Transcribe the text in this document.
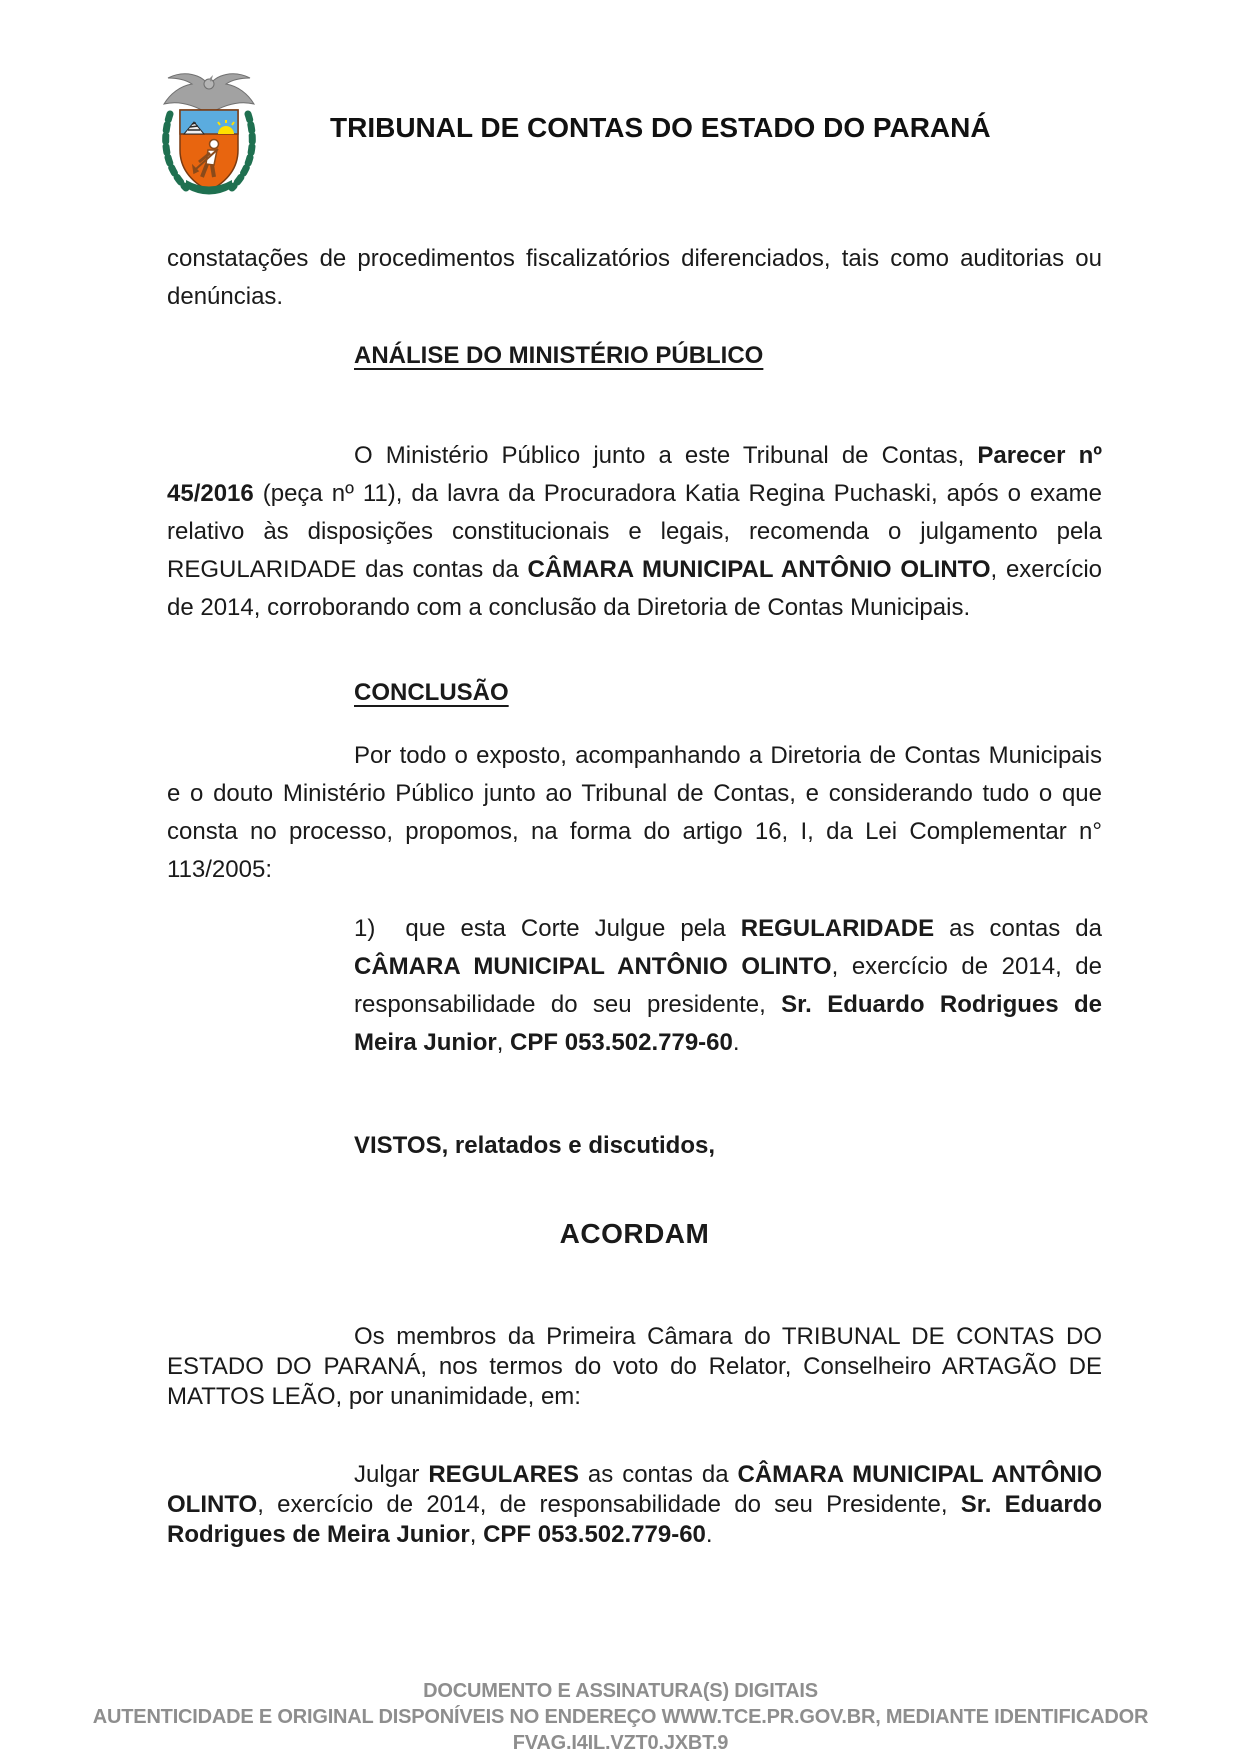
TRIBUNAL DE CONTAS DO ESTADO DO PARANÁ
constatações de procedimentos fiscalizatórios diferenciados, tais como auditorias ou denúncias.
ANÁLISE DO MINISTÉRIO PÚBLICO
O Ministério Público junto a este Tribunal de Contas, Parecer nº 45/2016 (peça nº 11), da lavra da Procuradora Katia Regina Puchaski, após o exame relativo às disposições constitucionais e legais, recomenda o julgamento pela REGULARIDADE das contas da CÂMARA MUNICIPAL ANTÔNIO OLINTO, exercício de 2014, corroborando com a conclusão da Diretoria de Contas Municipais.
CONCLUSÃO
Por todo o exposto, acompanhando a Diretoria de Contas Municipais e o douto Ministério Público junto ao Tribunal de Contas, e considerando tudo o que consta no processo, propomos, na forma do artigo 16, I, da Lei Complementar n° 113/2005:
1)  que esta Corte Julgue pela REGULARIDADE as contas da CÂMARA MUNICIPAL ANTÔNIO OLINTO, exercício de 2014, de responsabilidade do seu presidente, Sr. Eduardo Rodrigues de Meira Junior, CPF 053.502.779-60.
VISTOS, relatados e discutidos,
ACORDAM
Os membros da Primeira Câmara do TRIBUNAL DE CONTAS DO ESTADO DO PARANÁ, nos termos do voto do Relator, Conselheiro ARTAGÃO DE MATTOS LEÃO, por unanimidade, em:
Julgar REGULARES as contas da CÂMARA MUNICIPAL ANTÔNIO OLINTO, exercício de 2014, de responsabilidade do seu Presidente, Sr. Eduardo Rodrigues de Meira Junior, CPF 053.502.779-60.
DOCUMENTO E ASSINATURA(S) DIGITAIS
AUTENTICIDADE E ORIGINAL DISPONÍVEIS NO ENDEREÇO WWW.TCE.PR.GOV.BR, MEDIANTE IDENTIFICADOR FVAG.I4IL.VZT0.JXBT.9
